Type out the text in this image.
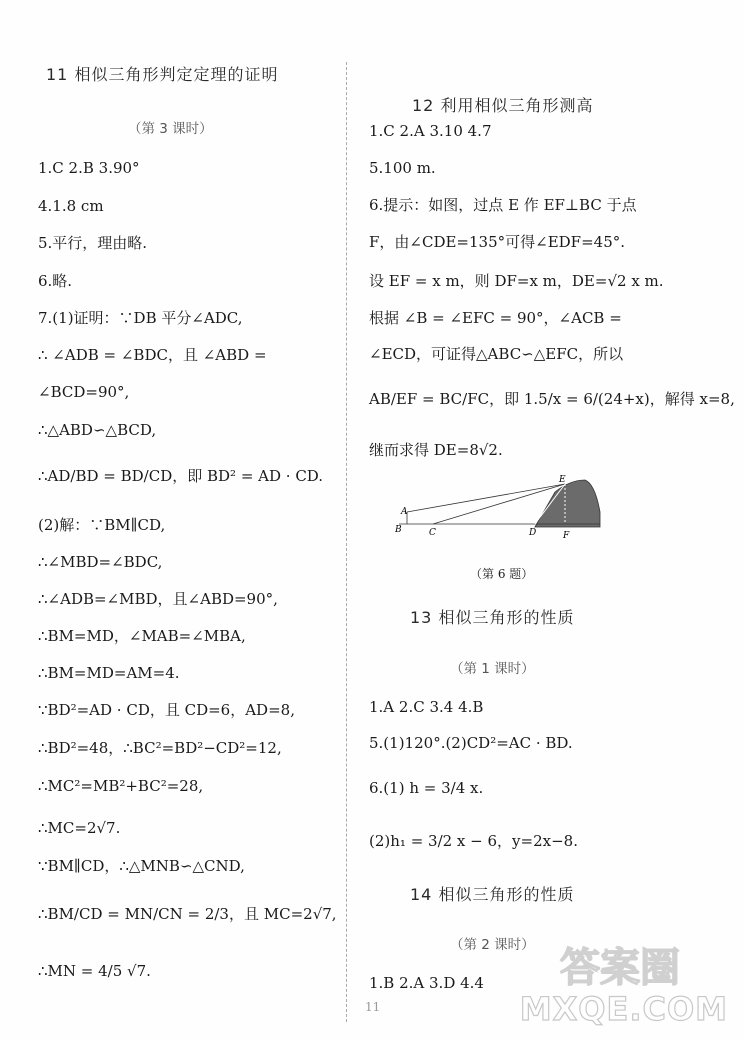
11 相似三角形判定定理的证明
（第 3 课时）
1.C 2.B 3.90°
4.1.8 cm
5.平行，理由略.
6.略.
7.(1)证明：∵DB 平分∠ADC,
∴ ∠ADB = ∠BDC，且 ∠ABD =
∠BCD=90°,
∴△ABD∽△BCD,
∴AD/BD = BD/CD，即 BD² = AD · CD.
(2)解：∵BM∥CD,
∴∠MBD=∠BDC,
∴∠ADB=∠MBD，且∠ABD=90°,
∴BM=MD，∠MAB=∠MBA,
∴BM=MD=AM=4.
∵BD²=AD · CD，且 CD=6，AD=8,
∴BD²=48，∴BC²=BD²−CD²=12,
∴MC²=MB²+BC²=28,
∴MC=2√7.
∵BM∥CD，∴△MNB∽△CND,
∴BM/CD = MN/CN = 2/3，且 MC=2√7,
∴MN = 4/5 √7.
12 利用相似三角形测高
1.C 2.A 3.10 4.7
5.100 m.
6.提示：如图，过点 E 作 EF⊥BC 于点
F，由∠CDE=135°可得∠EDF=45°.
设 EF = x m，则 DF=x m，DE=√2 x m.
根据 ∠B = ∠EFC = 90°，∠ACB =
∠ECD，可证得△ABC∽△EFC，所以
AB/EF = BC/FC，即 1.5/x = 6/(24+x)，解得 x=8,
继而求得 DE=8√2.
A
B	C	D
E
F
（第 6 题）
13 相似三角形的性质
（第 1 课时）
1.A 2.C 3.4 4.B
5.(1)120°.(2)CD²=AC · BD.
6.(1) h = 3/4 x.
(2)h₁ = 3/2 x − 6，y=2x−8.
14 相似三角形的性质
（第 2 课时）
1.B 2.A 3.D 4.4
11
答案圈
MXQE.COM
